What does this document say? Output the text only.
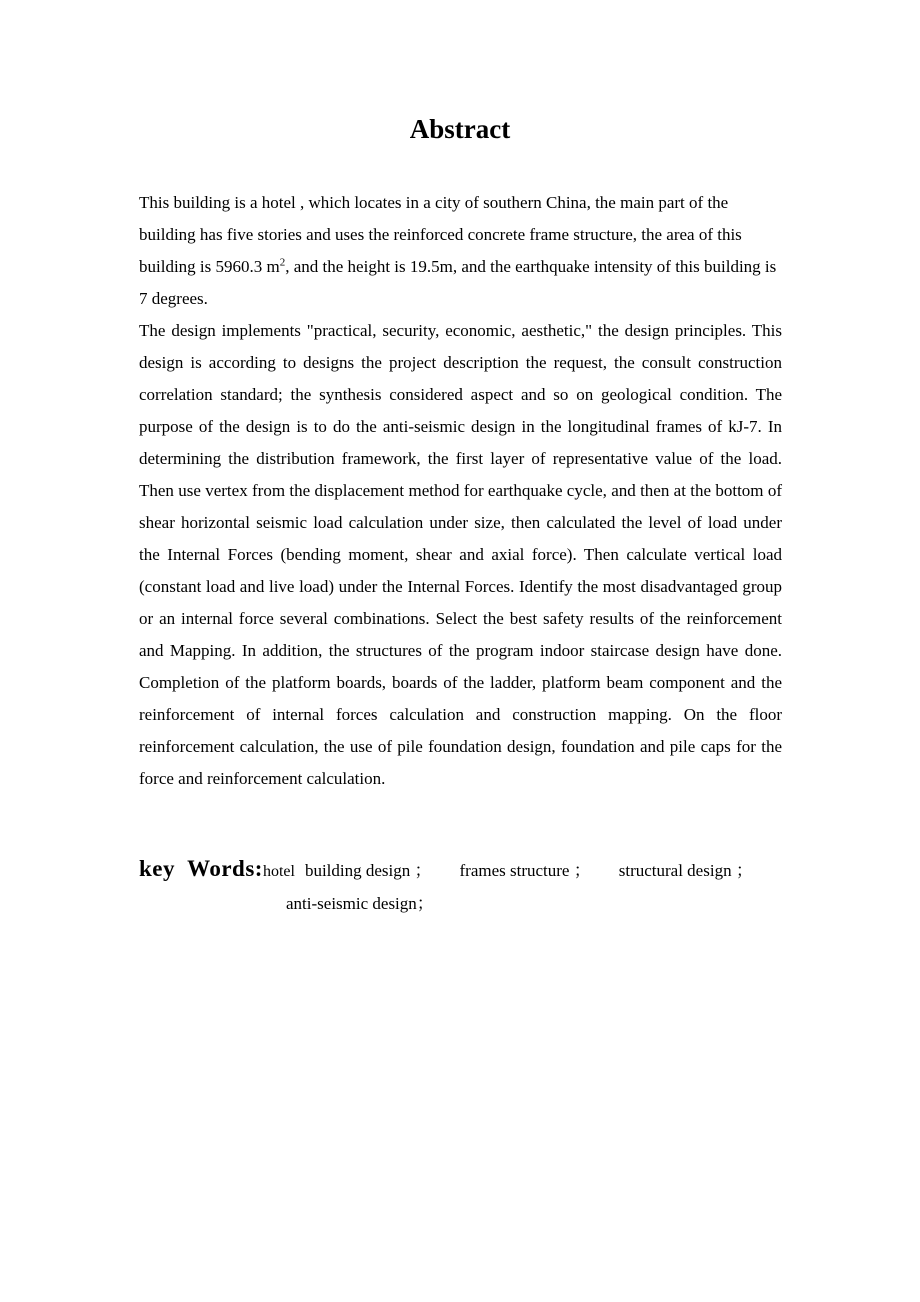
Abstract

This building is a hotel , which locates in a city of southern China, the main part of the building has five stories and uses the reinforced concrete frame structure, the area of this building is 5960.3 $m^2$, and the height is 19.5m, and the earthquake intensity of this building is 7 degrees.

The design implements "practical, security, economic, aesthetic," the design principles. This design is according to designs the project description the request, the consult construction correlation standard; the synthesis considered aspect and so on geological condition. The purpose of the design is to do the anti-seismic design in the longitudinal frames of kJ-7. In determining the distribution framework, the first layer of representative value of the load. Then use vertex from the displacement method for earthquake cycle, and then at the bottom of shear horizontal seismic load calculation under size, then calculated the level of load under the Internal Forces (bending moment, shear and axial force). Then calculate vertical load (constant load and live load) under the Internal Forces. Identify the most disadvantaged group or an internal force several combinations. Select the best safety results of the reinforcement and Mapping. In addition, the structures of the program indoor staircase design have done. Completion of the platform boards, boards of the ladder, platform beam component and the reinforcement of internal forces calculation and construction mapping. On the floor reinforcement calculation, the use of pile foundation design, foundation and pile caps for the force and reinforcement calculation.

key  Words: hotel building design ； frames structure ； structural design ；
anti-seismic design；
